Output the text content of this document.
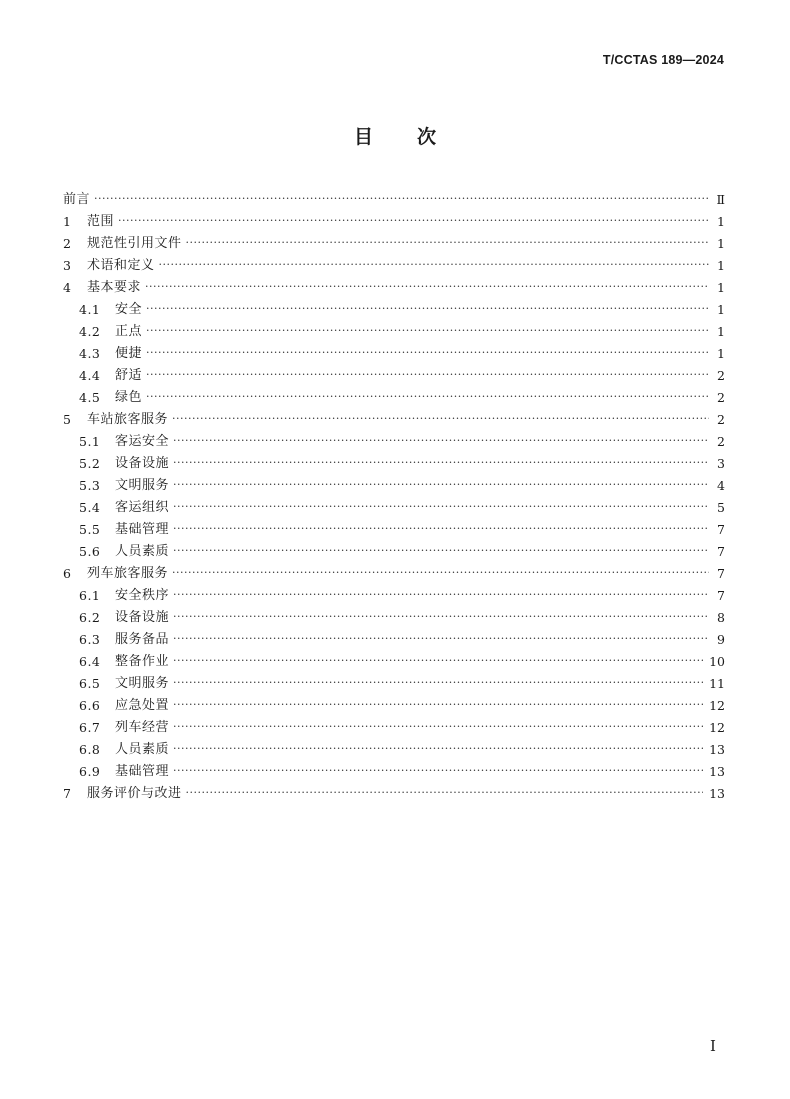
T/CCTAS 189—2024
目 次
前言 ·····	Ⅱ
1	范围 ·····	1
2	规范性引用文件 ·····	1
3	术语和定义 ·····	1
4	基本要求 ·····	1
4.1	安全 ·····	1
4.2	正点 ·····	1
4.3	便捷 ·····	1
4.4	舒适 ·····	2
4.5	绿色 ·····	2
5	车站旅客服务 ·····	2
5.1	客运安全 ·····	2
5.2	设备设施 ·····	3
5.3	文明服务 ·····	4
5.4	客运组织 ·····	5
5.5	基础管理 ·····	7
5.6	人员素质 ·····	7
6	列车旅客服务 ·····	7
6.1	安全秩序 ·····	7
6.2	设备设施 ·····	8
6.3	服务备品 ·····	9
6.4	整备作业 ·····	10
6.5	文明服务 ·····	11
6.6	应急处置 ·····	12
6.7	列车经营 ·····	12
6.8	人员素质 ·····	13
6.9	基础管理 ·····	13
7	服务评价与改进 ·····	13
I
